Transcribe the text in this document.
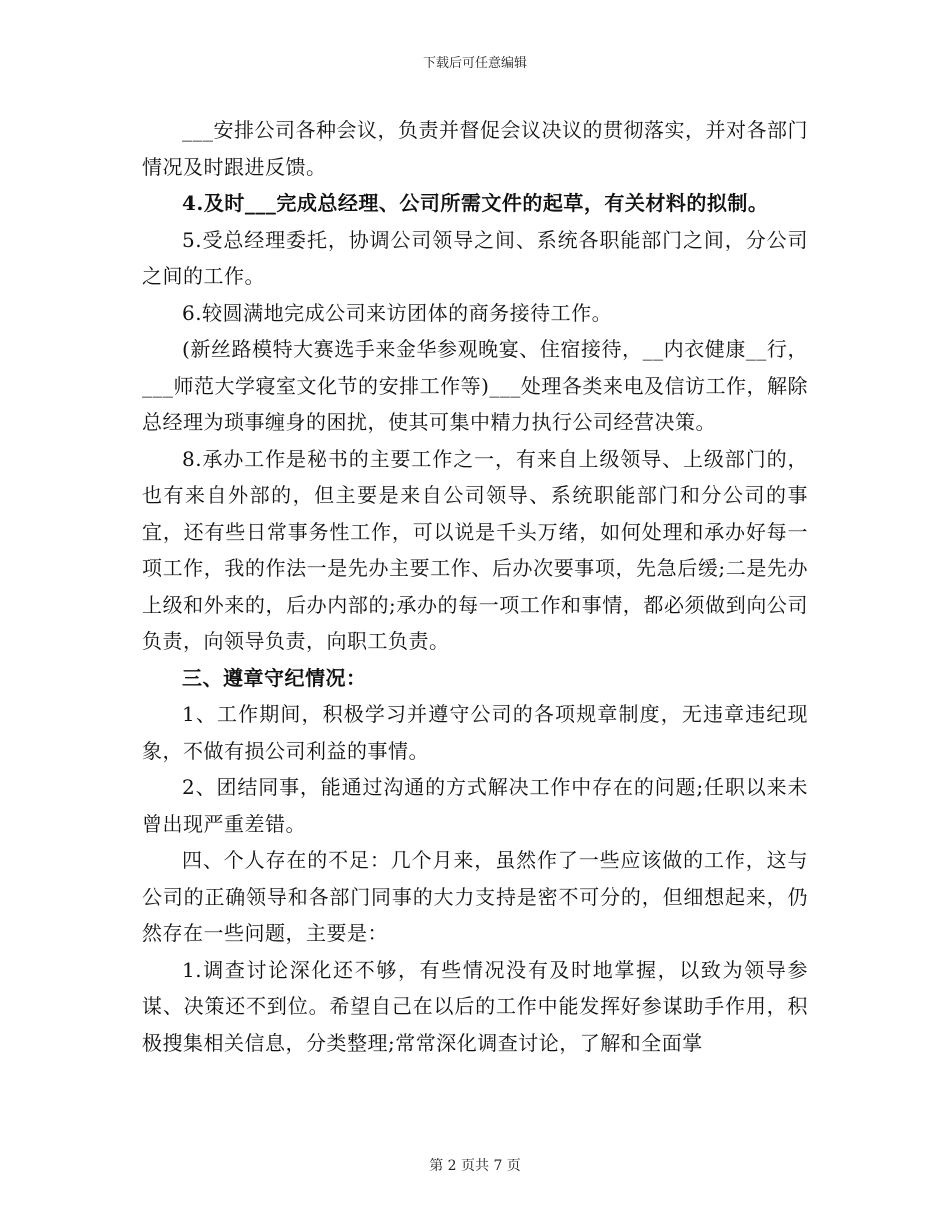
下载后可任意编辑

___安排公司各种会议，负责并督促会议决议的贯彻落实，并对各部门情况及时跟进反馈。

4.及时___完成总经理、公司所需文件的起草，有关材料的拟制。

5.受总经理委托，协调公司领导之间、系统各职能部门之间，分公司之间的工作。

6.较圆满地完成公司来访团体的商务接待工作。

(新丝路模特大赛选手来金华参观晚宴、住宿接待，__内衣健康__行，___师范大学寝室文化节的安排工作等)___处理各类来电及信访工作，解除总经理为琐事缠身的困扰，使其可集中精力执行公司经营决策。

8.承办工作是秘书的主要工作之一，有来自上级领导、上级部门的，也有来自外部的，但主要是来自公司领导、系统职能部门和分公司的事宜，还有些日常事务性工作，可以说是千头万绪，如何处理和承办好每一项工作，我的作法一是先办主要工作、后办次要事项，先急后缓;二是先办上级和外来的，后办内部的;承办的每一项工作和事情，都必须做到向公司负责，向领导负责，向职工负责。

三、遵章守纪情况：

1、工作期间，积极学习并遵守公司的各项规章制度，无违章违纪现象，不做有损公司利益的事情。

2、团结同事，能通过沟通的方式解决工作中存在的问题;任职以来未曾出现严重差错。

四、个人存在的不足：几个月来，虽然作了一些应该做的工作，这与公司的正确领导和各部门同事的大力支持是密不可分的，但细想起来，仍然存在一些问题，主要是：

1.调查讨论深化还不够，有些情况没有及时地掌握，以致为领导参谋、决策还不到位。希望自己在以后的工作中能发挥好参谋助手作用，积极搜集相关信息，分类整理;常常深化调查讨论，了解和全面掌

第 2 页共 7 页
